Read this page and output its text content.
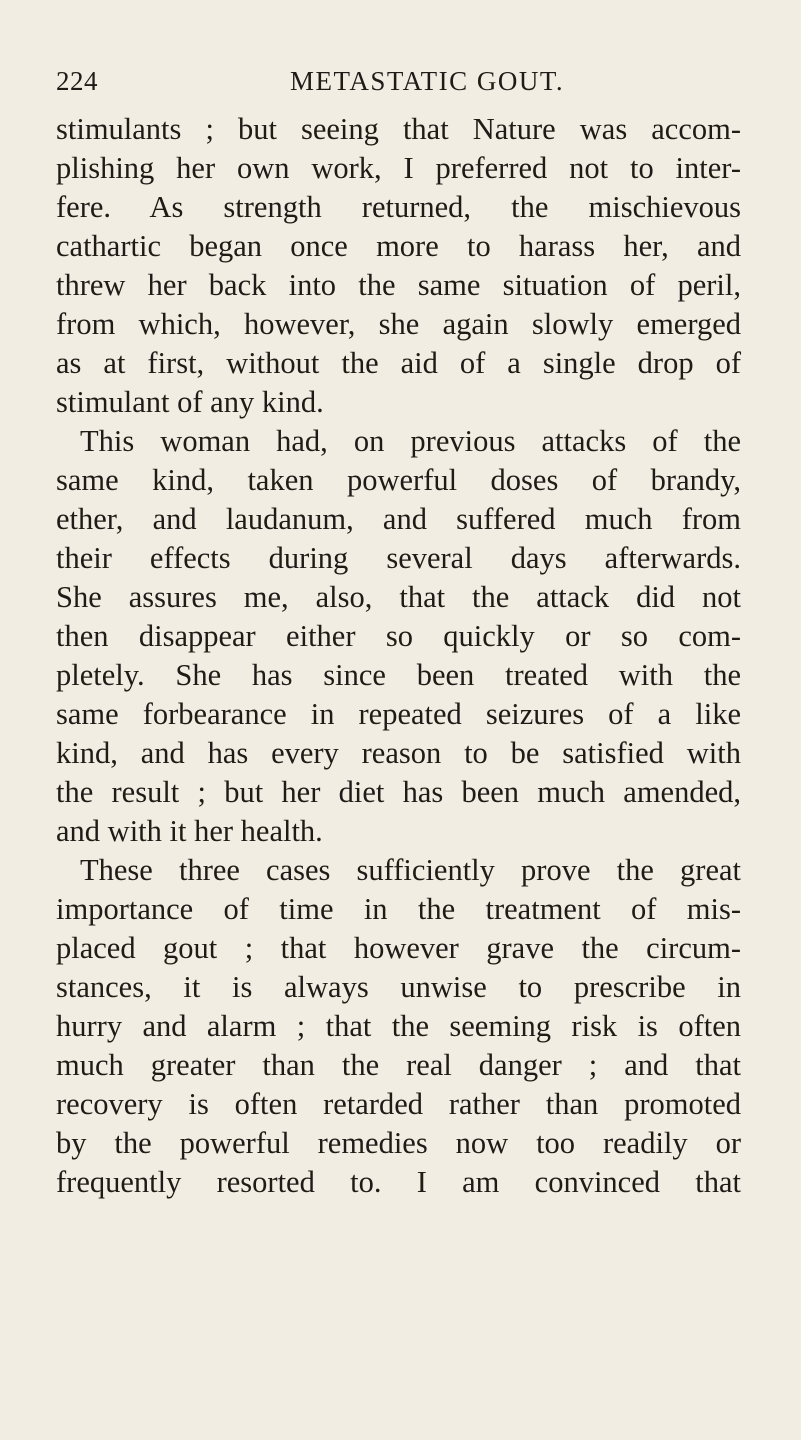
224	METASTATIC GOUT.
stimulants ; but seeing that Nature was accom-
plishing her own work, I preferred not to inter-
fere. As strength returned, the mischievous
cathartic began once more to harass her, and
threw her back into the same situation of peril,
from which, however, she again slowly emerged
as at first, without the aid of a single drop of
stimulant of any kind.
This woman had, on previous attacks of the
same kind, taken powerful doses of brandy,
ether, and laudanum, and suffered much from
their effects during several days afterwards.
She assures me, also, that the attack did not
then disappear either so quickly or so com-
pletely. She has since been treated with the
same forbearance in repeated seizures of a like
kind, and has every reason to be satisfied with
the result ; but her diet has been much amended,
and with it her health.
These three cases sufficiently prove the great
importance of time in the treatment of mis-
placed gout ; that however grave the circum-
stances, it is always unwise to prescribe in
hurry and alarm ; that the seeming risk is often
much greater than the real danger ; and that
recovery is often retarded rather than promoted
by the powerful remedies now too readily or
frequently resorted to. I am convinced that
